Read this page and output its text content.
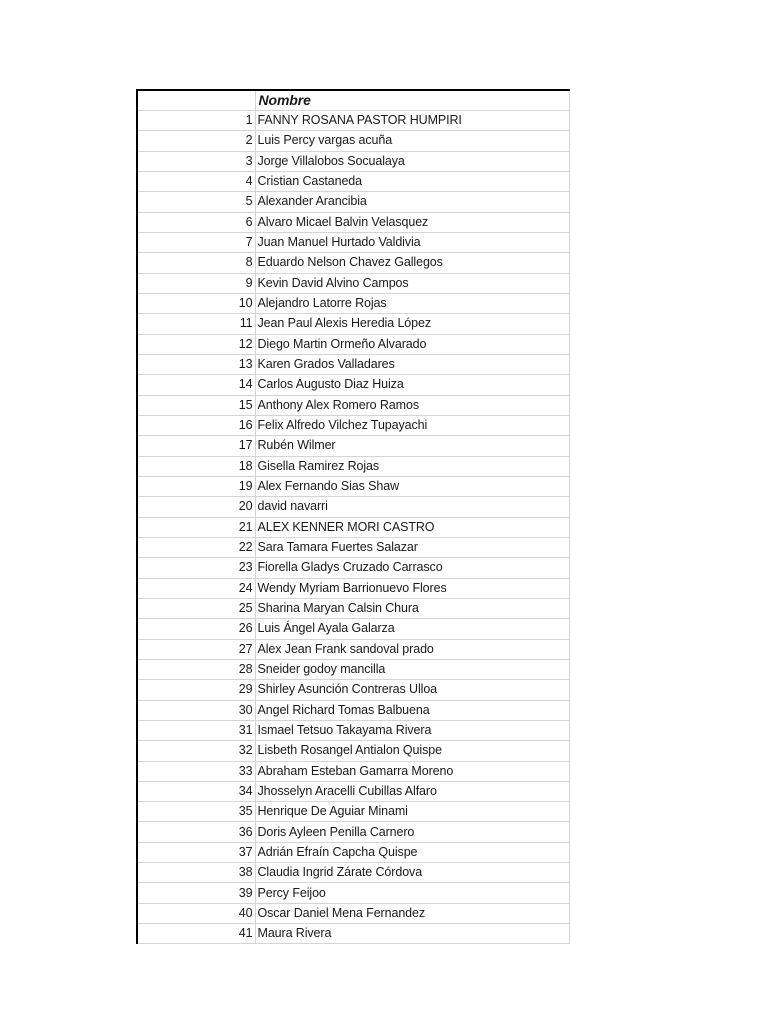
	Nombre
1	FANNY ROSANA PASTOR HUMPIRI
2	Luis Percy vargas acuña
3	Jorge Villalobos Socualaya
4	Cristian Castaneda
5	Alexander Arancibia
6	Alvaro Micael Balvin Velasquez
7	Juan Manuel Hurtado Valdivia
8	Eduardo Nelson Chavez Gallegos
9	Kevin David Alvino Campos
10	Alejandro Latorre Rojas
11	Jean Paul Alexis Heredia López
12	Diego Martin Ormeño Alvarado
13	Karen Grados Valladares
14	Carlos Augusto Diaz Huiza
15	Anthony Alex Romero Ramos
16	Felix Alfredo Vilchez Tupayachi
17	Rubén Wilmer
18	Gisella Ramirez Rojas
19	Alex Fernando Sias Shaw
20	david navarri
21	ALEX KENNER MORI CASTRO
22	Sara Tamara Fuertes Salazar
23	Fiorella Gladys Cruzado Carrasco
24	Wendy Myriam Barrionuevo Flores
25	Sharina Maryan Calsin Chura
26	Luis Ángel Ayala Galarza
27	Alex Jean Frank sandoval prado
28	Sneider godoy mancilla
29	Shirley Asunción Contreras Ulloa
30	Angel Richard Tomas Balbuena
31	Ismael Tetsuo Takayama Rivera
32	Lisbeth Rosangel Antialon Quispe
33	Abraham Esteban Gamarra Moreno
34	Jhosselyn Aracelli Cubillas Alfaro
35	Henrique De Aguiar Minami
36	Doris Ayleen Penilla Carnero
37	Adrián Efraín Capcha Quispe
38	Claudia Ingrid Zárate Córdova
39	Percy Feijoo
40	Oscar Daniel Mena Fernandez
41	Maura Rivera
